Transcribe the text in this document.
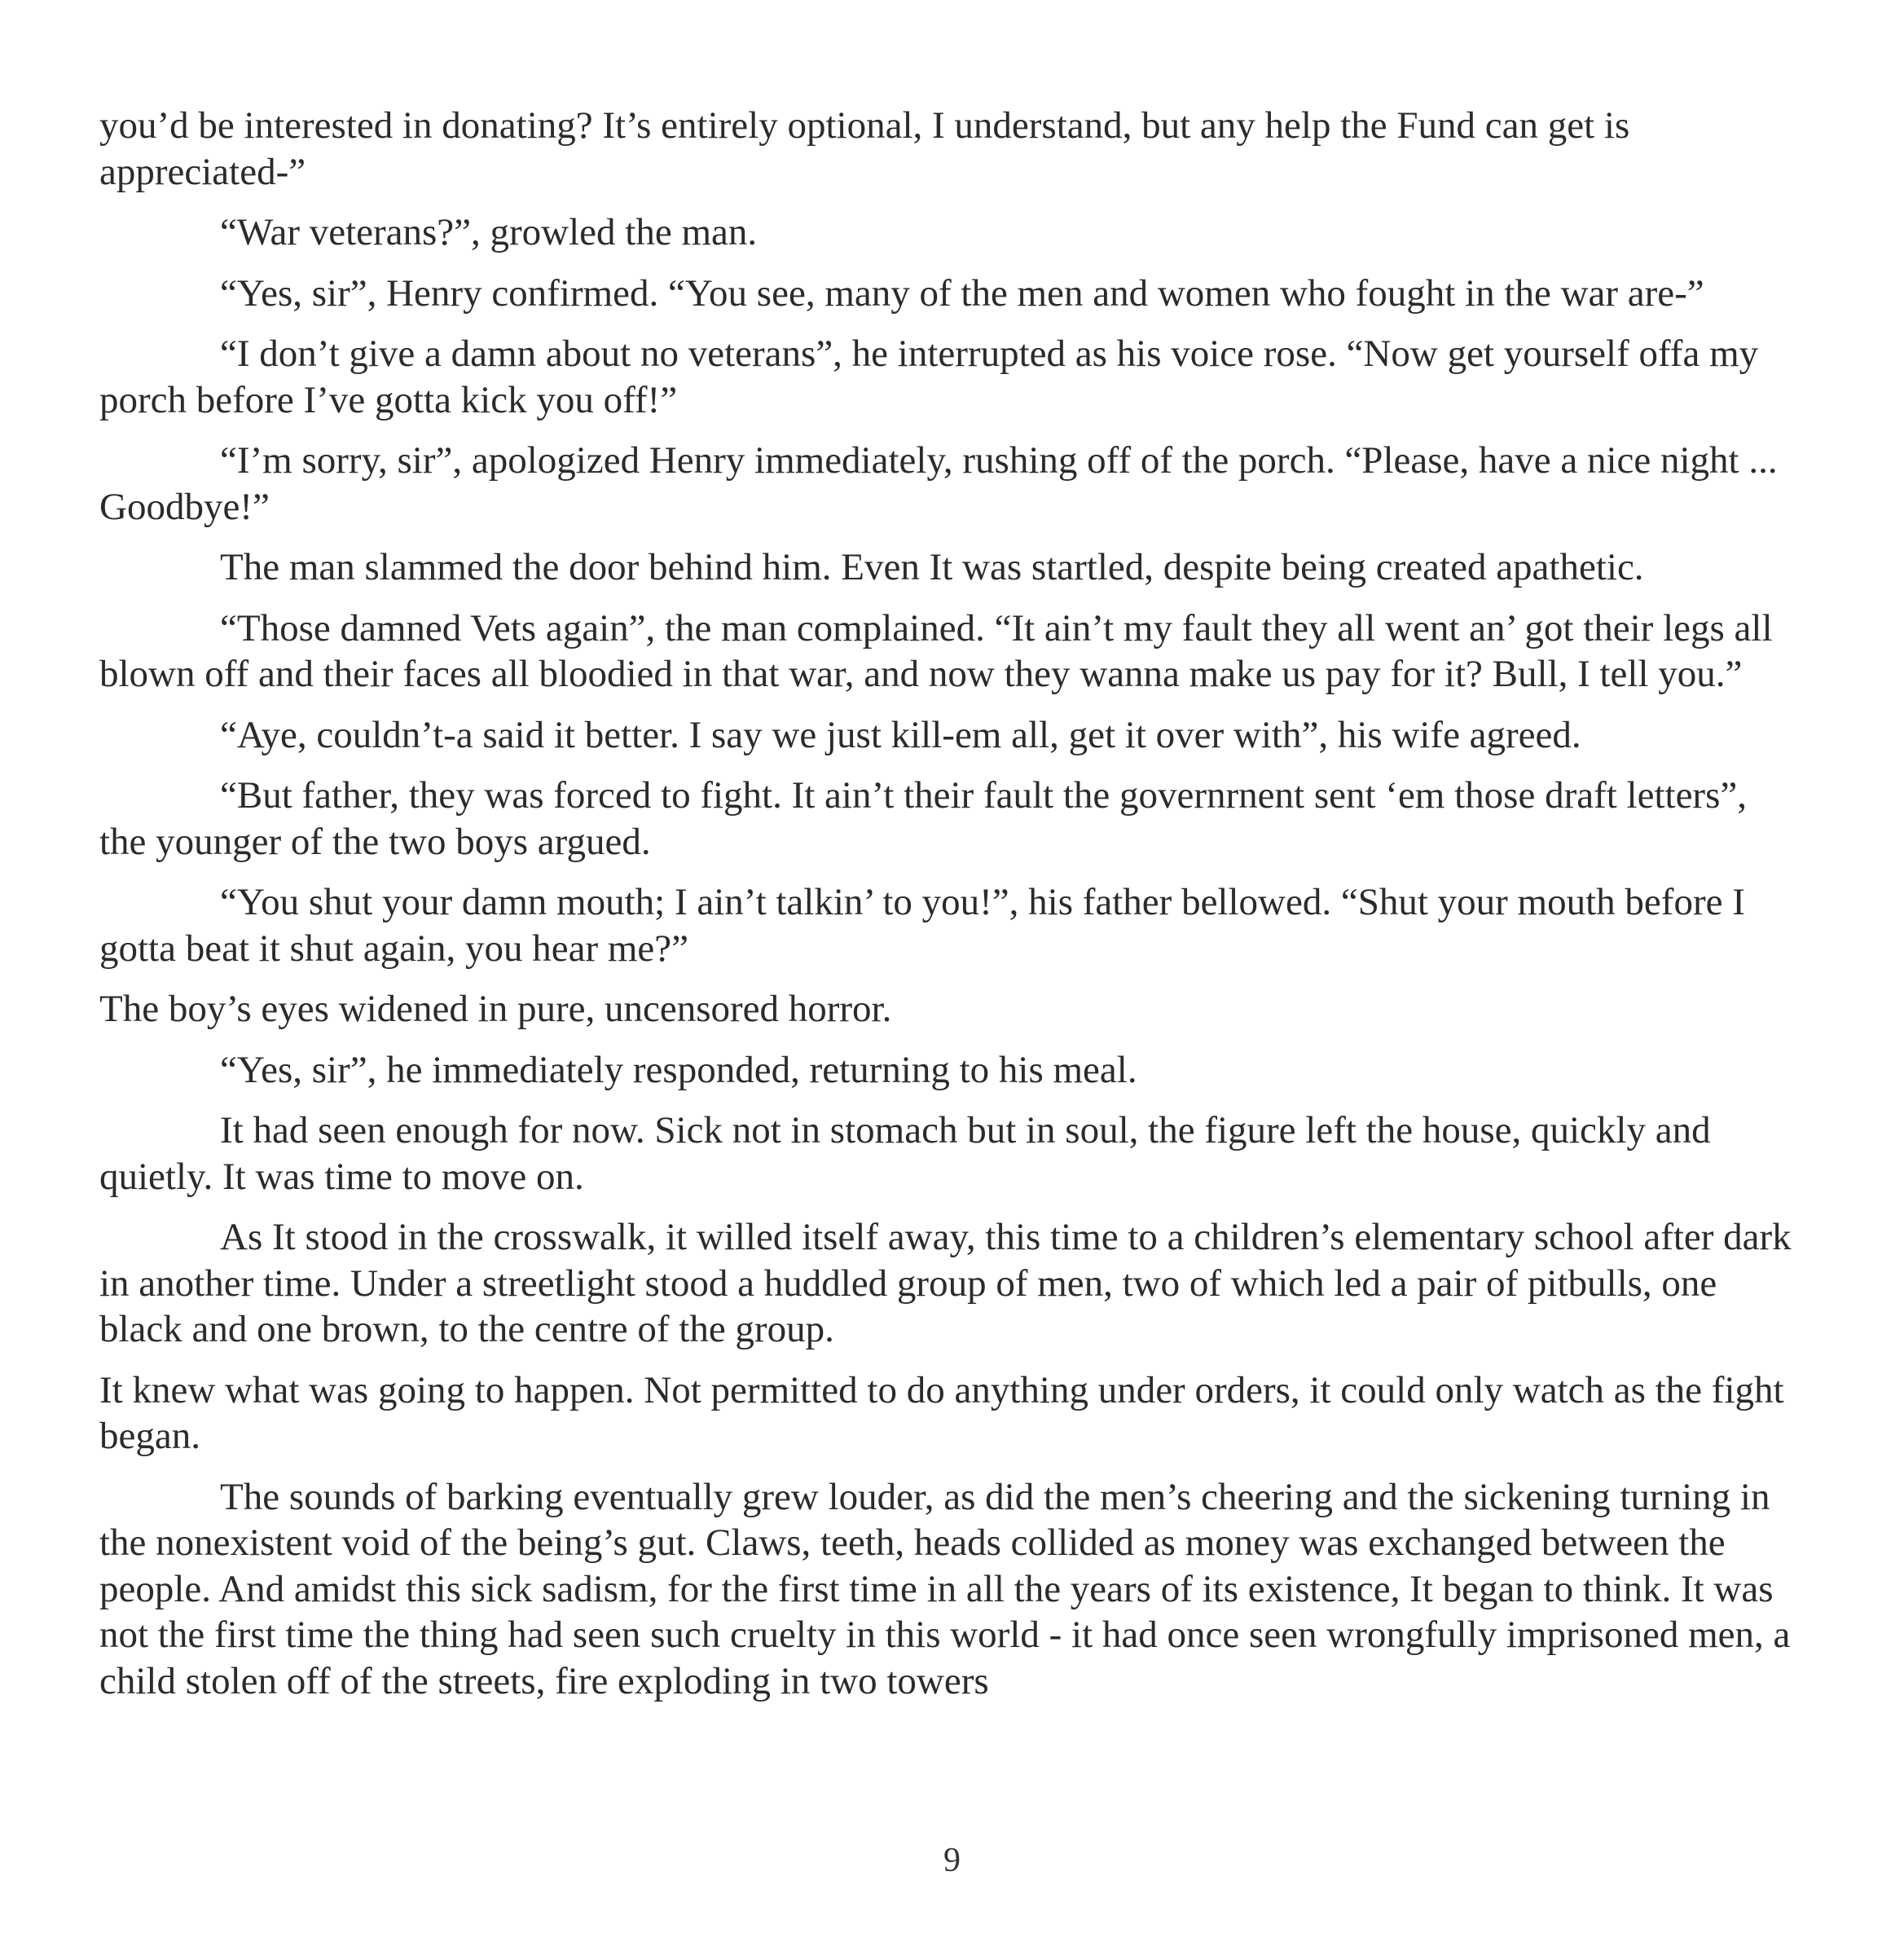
you’d be interested in donating? It’s entirely optional, I understand, but any help the Fund can get is appreciated-”

“War veterans?”, growled the man.

“Yes, sir”, Henry confirmed. “You see, many of the men and women who fought in the war are-”

“I don’t give a damn about no veterans”, he interrupted as his voice rose. “Now get yourself offa my porch before I’ve gotta kick you off!”

“I’m sorry, sir”, apologized Henry immediately, rushing off of the porch. “Please, have a nice night ... Goodbye!”

The man slammed the door behind him. Even It was startled, despite being created apathetic.

“Those damned Vets again”, the man complained. “It ain’t my fault they all went an’ got their legs all blown off and their faces all bloodied in that war, and now they wanna make us pay for it? Bull, I tell you.”

“Aye, couldn’t-a said it better. I say we just kill-em all, get it over with”, his wife agreed.

“But father, they was forced to fight. It ain’t their fault the governrnent sent ‘em those draft letters”, the younger of the two boys argued.

“You shut your damn mouth; I ain’t talkin’ to you!”, his father bellowed. “Shut your mouth before I gotta beat it shut again, you hear me?”

The boy’s eyes widened in pure, uncensored horror.

“Yes, sir”, he immediately responded, returning to his meal.

It had seen enough for now. Sick not in stomach but in soul, the figure left the house, quickly and quietly. It was time to move on.

As It stood in the crosswalk, it willed itself away, this time to a children’s elementary school after dark in another time. Under a streetlight stood a huddled group of men, two of which led a pair of pitbulls, one black and one brown, to the centre of the group.

It knew what was going to happen. Not permitted to do anything under orders, it could only watch as the fight began.

The sounds of barking eventually grew louder, as did the men’s cheering and the sickening turning in the nonexistent void of the being’s gut. Claws, teeth, heads collided as money was exchanged between the people. And amidst this sick sadism, for the first time in all the years of its existence, It began to think. It was not the first time the thing had seen such cruelty in this world - it had once seen wrongfully imprisoned men, a child stolen off of the streets, fire exploding in two towers

9
